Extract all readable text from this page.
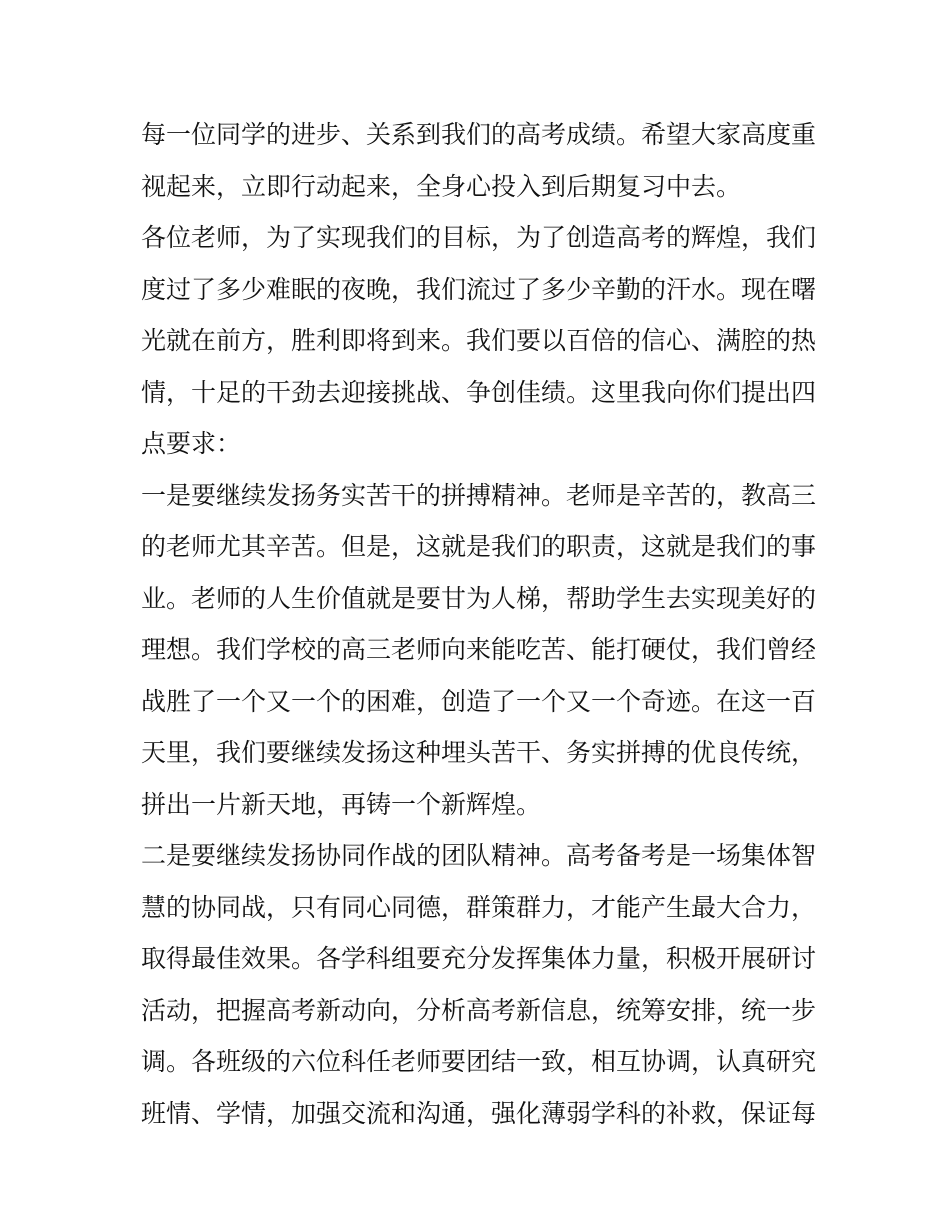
每一位同学的进步、关系到我们的高考成绩。希望大家高度重
视起来，立即行动起来，全身心投入到后期复习中去。
各位老师，为了实现我们的目标，为了创造高考的辉煌，我们
度过了多少难眠的夜晚，我们流过了多少辛勤的汗水。现在曙
光就在前方，胜利即将到来。我们要以百倍的信心、满腔的热
情，十足的干劲去迎接挑战、争创佳绩。这里我向你们提出四
点要求：
一是要继续发扬务实苦干的拼搏精神。老师是辛苦的，教高三
的老师尤其辛苦。但是，这就是我们的职责，这就是我们的事
业。老师的人生价值就是要甘为人梯，帮助学生去实现美好的
理想。我们学校的高三老师向来能吃苦、能打硬仗，我们曾经
战胜了一个又一个的困难，创造了一个又一个奇迹。在这一百
天里，我们要继续发扬这种埋头苦干、务实拼搏的优良传统，
拼出一片新天地，再铸一个新辉煌。
二是要继续发扬协同作战的团队精神。高考备考是一场集体智
慧的协同战，只有同心同德，群策群力，才能产生最大合力，
取得最佳效果。各学科组要充分发挥集体力量，积极开展研讨
活动，把握高考新动向，分析高考新信息，统筹安排，统一步
调。各班级的六位科任老师要团结一致，相互协调，认真研究
班情、学情，加强交流和沟通，强化薄弱学科的补救，保证每
